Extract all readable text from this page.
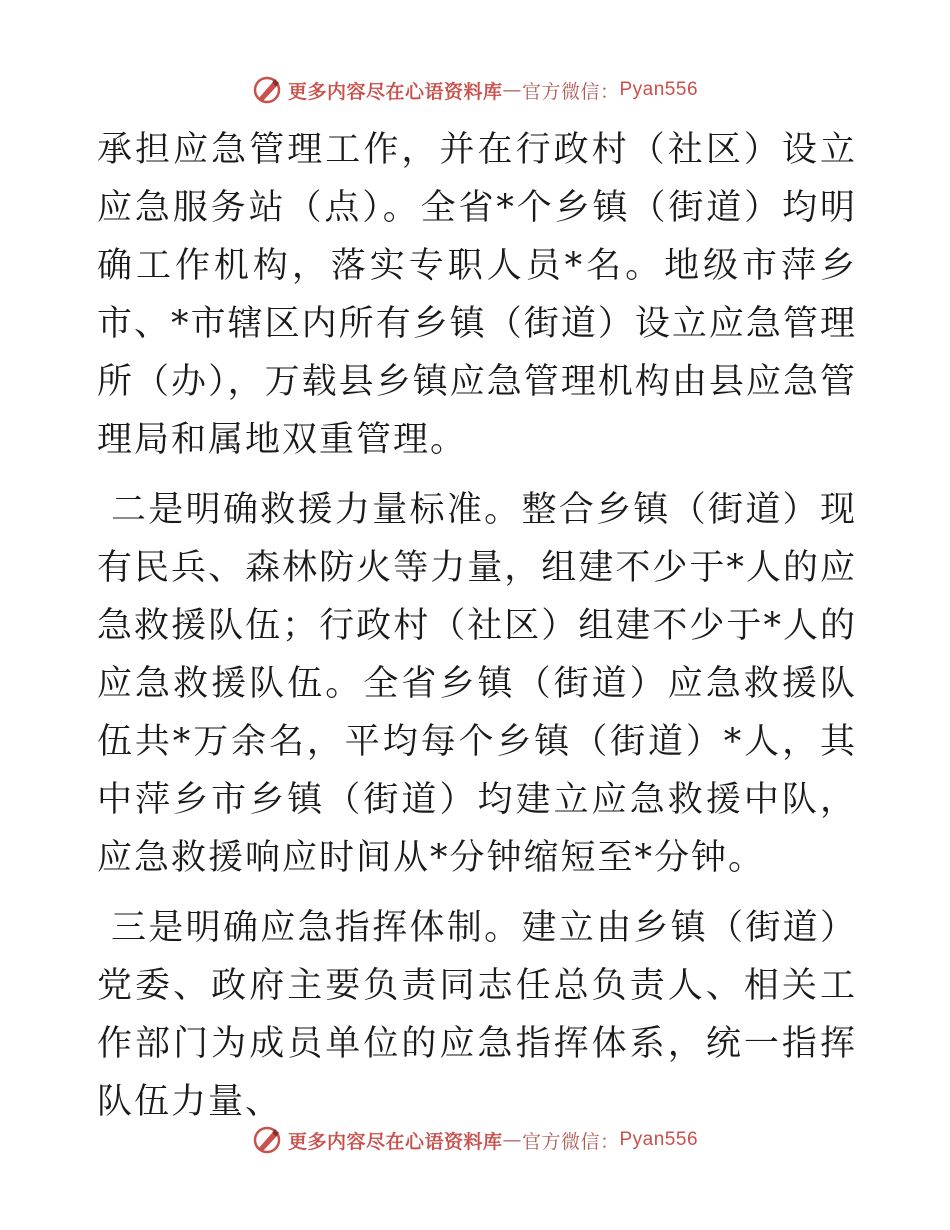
更多内容尽在心语资料库 — 官方微信： Pyan556

承担应急管理工作，并在行政村（社区）设立应急服务站（点）。全省*个乡镇（街道）均明确工作机构，落实专职人员*名。地级市萍乡市、*市辖区内所有乡镇（街道）设立应急管理所（办），万载县乡镇应急管理机构由县应急管理局和属地双重管理。

二是明确救援力量标准。整合乡镇（街道）现有民兵、森林防火等力量，组建不少于*人的应急救援队伍；行政村（社区）组建不少于*人的应急救援队伍。全省乡镇（街道）应急救援队伍共*万余名，平均每个乡镇（街道）*人，其中萍乡市乡镇（街道）均建立应急救援中队，应急救援响应时间从*分钟缩短至*分钟。

三是明确应急指挥体制。建立由乡镇（街道）党委、政府主要负责同志任总负责人、相关工作部门为成员单位的应急指挥体系，统一指挥队伍力量、

更多内容尽在心语资料库 — 官方微信： Pyan556
